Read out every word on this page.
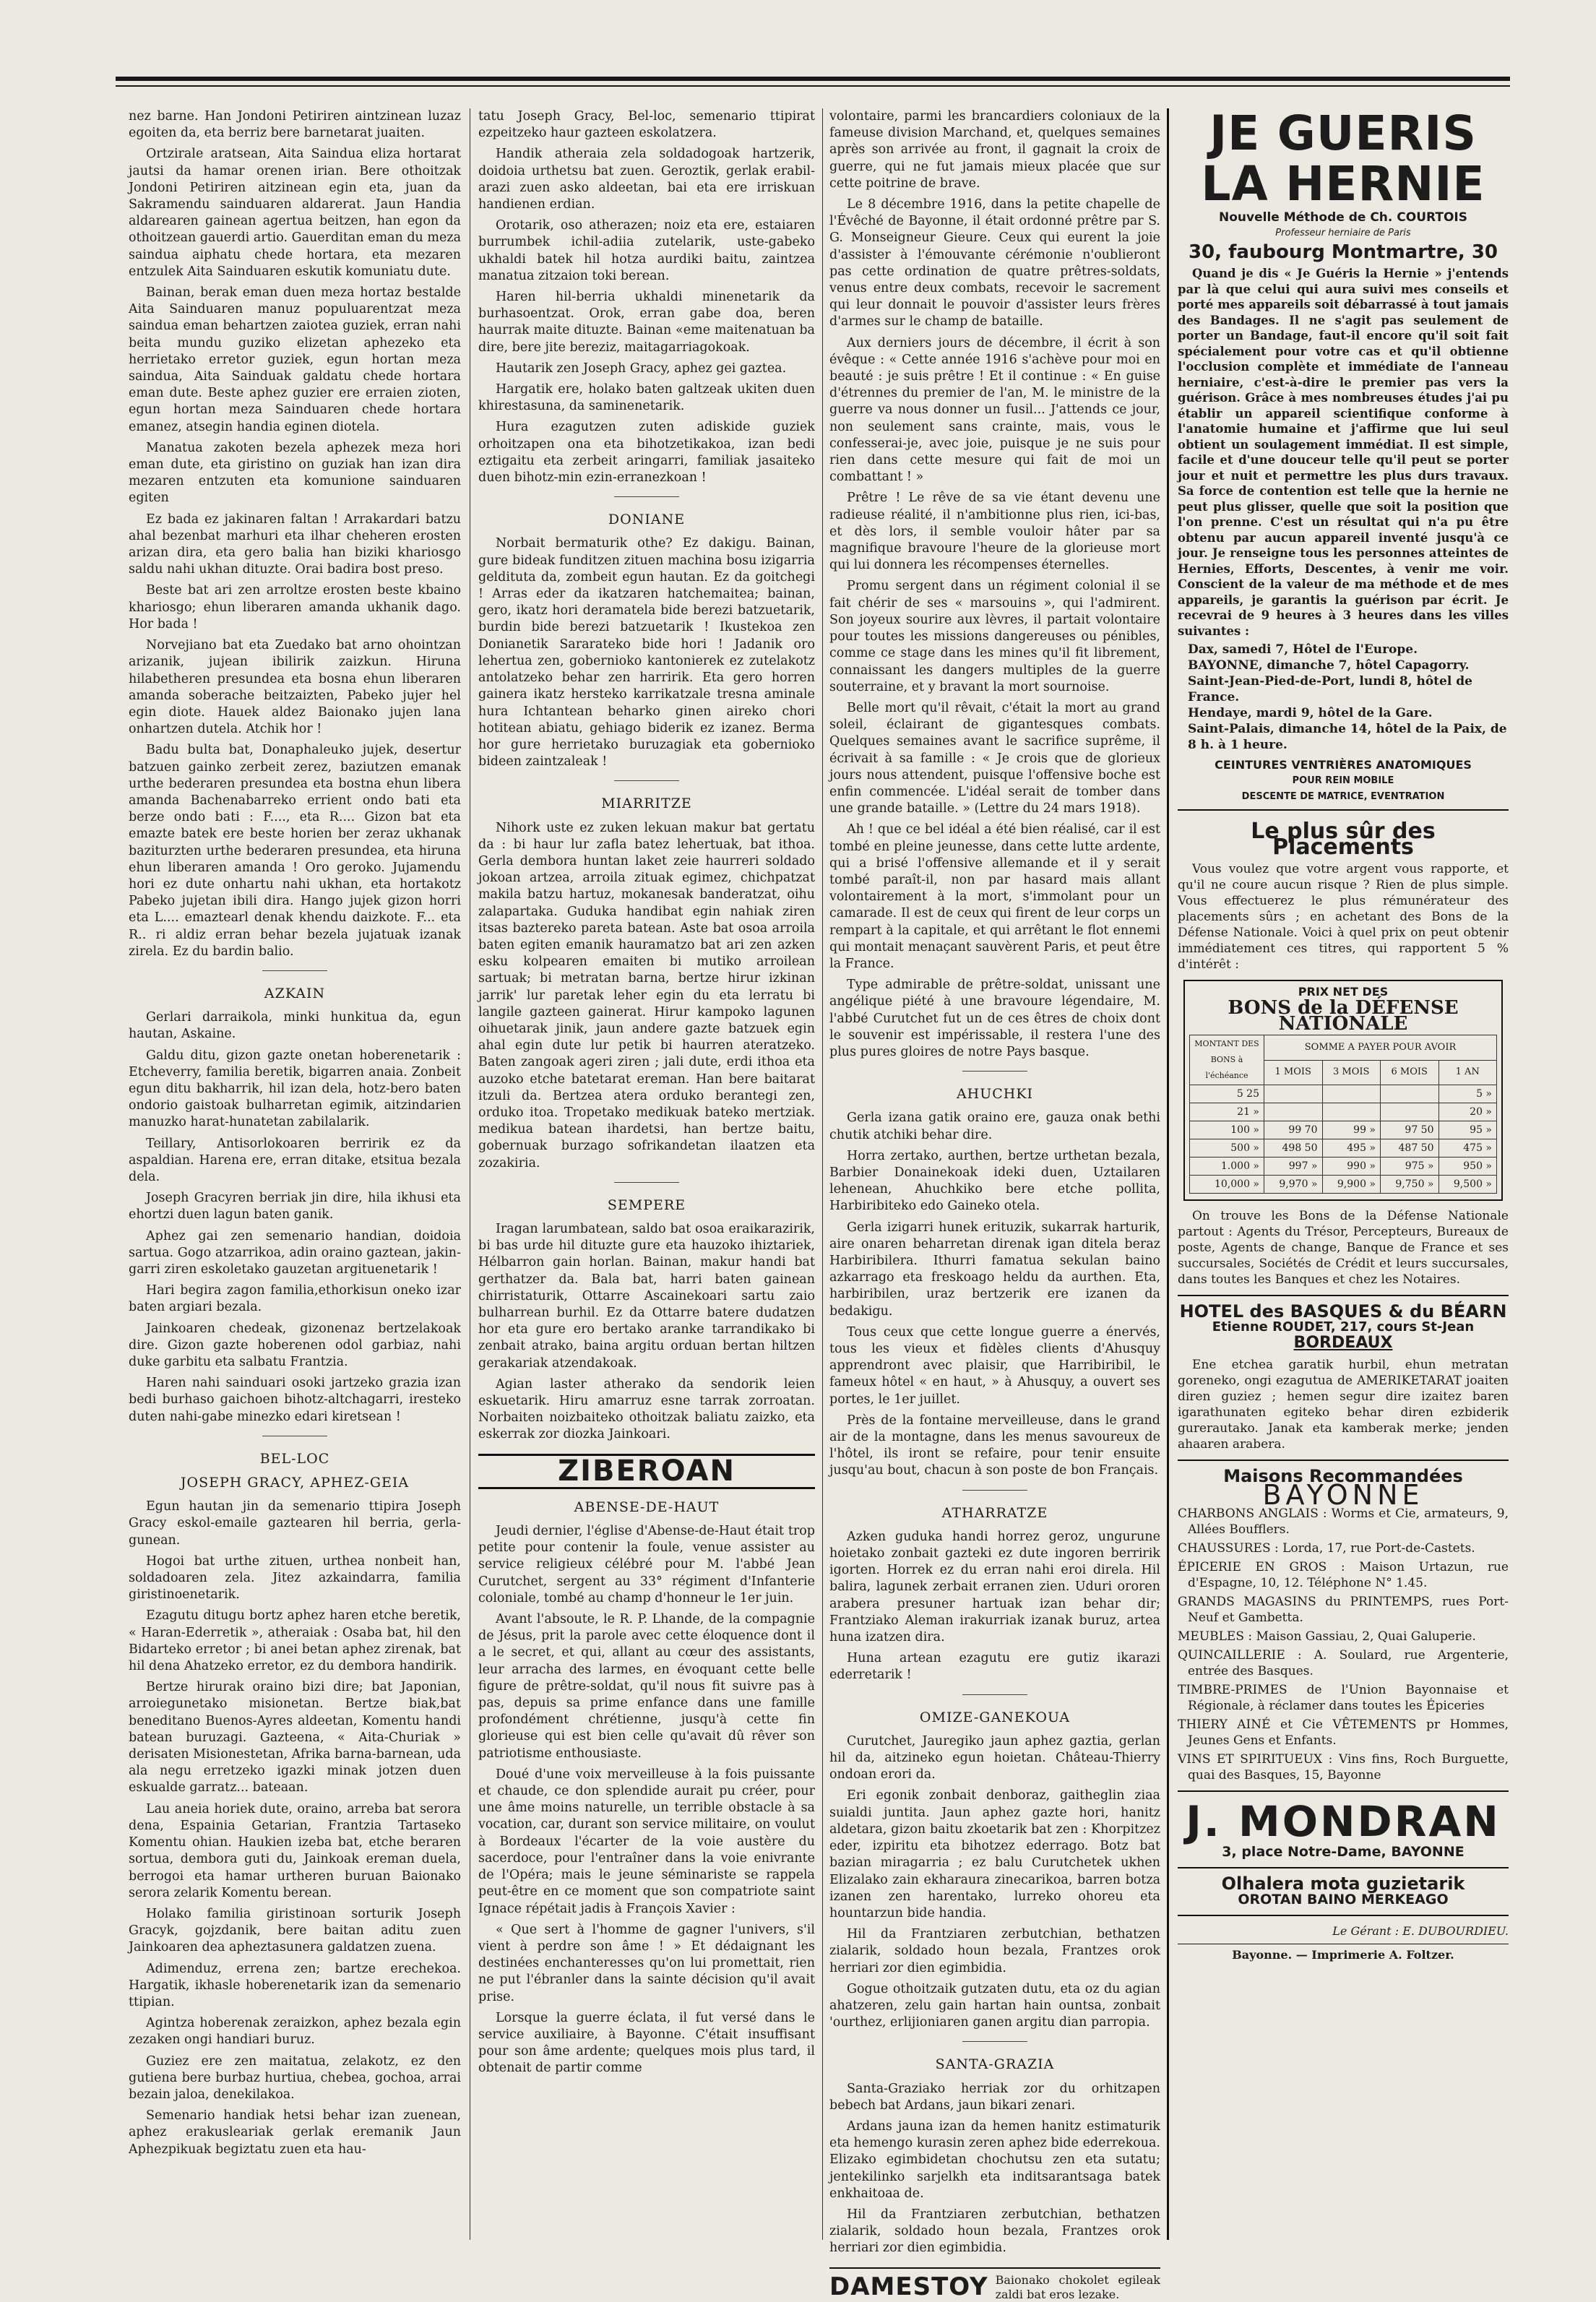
nez barne. Han Jondoni Petiriren aintzinean luzaz egoiten da, eta berriz bere barnetarat juaiten.

Ortzirale aratsean, Aita Saindua eliza hortarat jautsi da hamar orenen irian. Bere othoitzak Jondoni Petiriren aitzinean egin eta, juan da Sakramendu sainduaren aldarerat. Jaun Handia aldarearen gainean agertua beitzen, han egon da othoitzean gauerdi artio. Gauerditan eman du meza saindua aiphatu chede hortara, eta mezaren entzulek Aita Sainduaren eskutik komuniatu dute.

Bainan, berak eman duen meza hortaz bestalde Aita Sainduaren manuz populuarentzat meza saindua eman behartzen zaiotea guziek, erran nahi beita mundu guziko elizetan aphezeko eta herrietako erretor guziek, egun hortan meza saindua, Aita Sainduak galdatu chede hortara eman dute. Beste aphez guzier ere erraien zioten, egun hortan meza Sainduaren chede hortara emanez, atsegin handia eginen diotela.

Manatua zakoten bezela aphezek meza hori eman dute, eta giristino on guziak han izan dira mezaren entzuten eta komunione sainduaren egiten

Ez bada ez jakinaren faltan ! Arrakardari batzu ahal bezenbat marhuri eta ilhar cheheren erosten arizan dira, eta gero balia han biziki khariosgo saldu nahi ukhan dituzte. Orai badira bost preso.

Beste bat ari zen arroltze erosten beste kbaino khariosgo; ehun liberaren amanda ukhanik dago. Hor bada !

Norvejiano bat eta Zuedako bat arno ohointzan arizanik, jujean ibilirik zaizkun. Hiruna hilabetheren presundea eta bosna ehun liberaren amanda soberache beitzaizten, Pabeko jujer hel egin diote. Hauek aldez Baionako jujen lana onhartzen dutela. Atchik hor !

Badu bulta bat, Donaphaleuko jujek, desertur batzuen gainko zerbeit zerez, baziutzen emanak urthe bederaren presundea eta bostna ehun libera amanda Bachenabarreko errient ondo bati eta berze ondo bati : F...., eta R.... Gizon bat eta emazte batek ere beste horien ber zeraz ukhanak baziturzten urthe bederaren presundea, eta hiruna ehun liberaren amanda ! Oro geroko. Jujamendu hori ez dute onhartu nahi ukhan, eta hortakotz Pabeko jujetan ibili dira. Hango jujek gizon horri eta L.... emaztearl denak khendu daizkote. F... eta R.. ri aldiz erran behar bezela jujatuak izanak zirela. Ez du bardin balio.

AZKAIN

Gerlari darraikola, minki hunkitua da, egun hautan, Askaine.

Galdu ditu, gizon gazte onetan hoberenetarik : Etcheverry, familia beretik, bigarren anaia. Zonbeit egun ditu bakharrik, hil izan dela, hotz-bero baten ondorio gaistoak bulharretan egimik, aitzindarien manuzko harat-hunatetan zabilalarik.

Teillary, Antisorlokoaren berririk ez da aspaldian. Harena ere, erran ditake, etsitua bezala dela.

Joseph Gracyren berriak jin dire, hila ikhusi eta ehortzi duen lagun baten ganik.

Aphez gai zen semenario handian, doidoia sartua. Gogo atzarrikoa, adin oraino gaztean, jakin-garri ziren eskoletako gauzetan argituenetarik !

Hari begira zagon familia,ethorkisun oneko izar baten argiari bezala.

Jainkoaren chedeak, gizonenaz bertzelakoak dire. Gizon gazte hoberenen odol garbiaz, nahi duke garbitu eta salbatu Frantzia.

Haren nahi sainduari osoki jartzeko grazia izan bedi burhaso gaichoen bihotz-altchagarri, iresteko duten nahi-gabe minezko edari kiretsean !

BEL-LOC
JOSEPH GRACY, APHEZ-GEIA

Egun hautan jin da semenario ttipira Joseph Gracy eskol-emaile gaztearen hil berria, gerla-gunean.

Hogoi bat urthe zituen, urthea nonbeit han, soldadoaren zela. Jitez azkaindarra, familia giristinoenetarik.

Ezagutu ditugu bortz aphez haren etche beretik, « Haran-Ederretik », atheraiak : Osaba bat, hil den Bidarteko erretor ; bi anei betan aphez zirenak, bat hil dena Ahatzeko erretor, ez du dembora handirik.

Bertze hirurak oraino bizi dire; bat Japonian, arroiegunetako misionetan. Bertze biak,bat beneditano Buenos-Ayres aldeetan, Komentu handi batean buruzagi. Gazteena, « Aita-Churiak » derisaten Misionestetan, Afrika barna-barnean, uda ala negu erretzeko igazki minak jotzen duen eskualde garratz... bateaan.

Lau aneia horiek dute, oraino, arreba bat serora dena, Espainia Getarian, Frantzia Tartaseko Komentu ohian. Haukien izeba bat, etche beraren sortua, dembora guti du, Jainkoak ereman duela, berrogoi eta hamar urtheren buruan Baionako serora zelarik Komentu berean.

Holako familia giristinoan sorturik Joseph Gracyk, gojzdanik, bere baitan aditu zuen Jainkoaren dea apheztasunera galdatzen zuena.

Adimenduz, errena zen; bartze erechekoa. Hargatik, ikhasle hoberenetarik izan da semenario ttipian.

Agintza hoberenak zeraizkon, aphez bezala egin zezaken ongi handiari buruz.

Guziez ere zen maitatua, zelakotz, ez den gutiena bere burbaz hurtiua, chebea, gochoa, arrai bezain jaloa, denekilakoa.

Semenario handiak hetsi behar izan zuenean, aphez erakusleariak gerlak eremanik Jaun Aphezpikuak begiztatu zuen eta hau-

tatu Joseph Gracy, Bel-loc, semenario ttipirat ezpeitzeko haur gazteen eskolatzera.

Handik atheraia zela soldadogoak hartzerik, doidoia urthetsu bat zuen. Geroztik, gerlak erabil-arazi zuen asko aldeetan, bai eta ere irriskuan handienen erdian.

Orotarik, oso atherazen; noiz eta ere, estaiaren burrumbek ichil-adiia zutelarik, uste-gabeko ukhaldi batek hil hotza aurdiki baitu, zaintzea manatua zitzaion toki berean.

Haren hil-berria ukhaldi minenetarik da burhasoentzat. Orok, erran gabe doa, beren haurrak maite dituzte. Bainan «eme maitenatuan ba dire, bere jite bereziz, maitagarriagokoak.

Hautarik zen Joseph Gracy, aphez gei gaztea.

Hargatik ere, holako baten galtzeak ukiten duen khirestasuna, da saminenetarik.

Hura ezagutzen zuten adiskide guziek orhoitzapen ona eta bihotzetikakoa, izan bedi eztigaitu eta zerbeit aringarri, familiak jasaiteko duen bihotz-min ezin-erranezkoan !

DONIANE

Norbait bermaturik othe? Ez dakigu. Bainan, gure bideak funditzen zituen machina bosu izigarria geldituta da, zombeit egun hautan. Ez da goitchegi ! Arras eder da ikatzaren hatchemaitea; bainan, gero, ikatz hori deramatela bide berezi batzuetarik, burdin bide berezi batzuetarik ! Ikustekoa zen Donianetik Sararateko bide hori ! Jadanik oro lehertua zen, gobernioko kantonierek ez zutelakotz antolatzeko behar zen harririk. Eta gero horren gainera ikatz hersteko karrikatzale tresna aminale hura Ichtantean beharko ginen aireko chori hotitean abiatu, gehiago biderik ez izanez. Berma hor gure herrietako buruzagiak eta gobernioko bideen zaintzaleak !

MIARRITZE

Nihork uste ez zuken lekuan makur bat gertatu da : bi haur lur zafla batez lehertuak, bat ithoa. Gerla dembora huntan laket zeie haurreri soldado jokoan artzea, arroila zituak egimez, chichpatzat makila batzu hartuz, mokanesak banderatzat, oihu zalapartaka. Guduka handibat egin nahiak ziren itsas baztereko pareta batean. Aste bat osoa arroila baten egiten emanik hauramatzo bat ari zen azken esku kolpearen emaiten bi mutiko arroilean sartuak; bi metratan barna, bertze hirur izkinan jarrik' lur paretak leher egin du eta lerratu bi langile gazteen gainerat. Hirur kampoko lagunen oihuetarak jinik, jaun andere gazte batzuek egin ahal egin dute lur petik bi haurren ateratzeko. Baten zangoak ageri ziren ; jali dute, erdi ithoa eta auzoko etche batetarat ereman. Han bere baitarat itzuli da. Bertzea atera orduko berantegi zen, orduko itoa. Tropetako medikuak bateko mertziak. medikua batean ihardetsi, han bertze baitu, gobernuak burzago sofrikandetan ilaatzen eta zozakiria.

SEMPERE

Iragan larumbatean, saldo bat osoa eraikarazirik, bi bas urde hil dituzte gure eta hauzoko ihiztariek, Hélbarron gain horlan. Bainan, makur handi bat gerthatzer da. Bala bat, harri baten gainean chirristaturik, Ottarre Ascainekoari sartu zaio bulharrean burhil. Ez da Ottarre batere dudatzen hor eta gure ero bertako aranke tarrandikako bi zenbait atrako, baina argitu orduan bertan hiltzen gerakariak atzendakoak.

Agian laster atherako da sendorik leien eskuetarik. Hiru amarruz esne tarrak zorroatan. Norbaiten noizbaiteko othoitzak baliatu zaizko, eta eskerrak zor diozka Jainkoari.

ZIBEROAN
ABENSE-DE-HAUT

Jeudi dernier, l'église d'Abense-de-Haut était trop petite pour contenir la foule, venue assister au service religieux célébré pour M. l'abbé Jean Curutchet, sergent au 33° régiment d'Infanterie coloniale, tombé au champ d'honneur le 1er juin.

Avant l'absoute, le R. P. Lhande, de la compagnie de Jésus, prit la parole avec cette éloquence dont il a le secret, et qui, allant au cœur des assistants, leur arracha des larmes, en évoquant cette belle figure de prêtre-soldat, qu'il nous fit suivre pas à pas, depuis sa prime enfance dans une famille profondément chrétienne, jusqu'à cette fin glorieuse qui est bien celle qu'avait dû rêver son patriotisme enthousiaste.

Doué d'une voix merveilleuse à la fois puissante et chaude, ce don splendide aurait pu créer, pour une âme moins naturelle, un terrible obstacle à sa vocation, car, durant son service militaire, on voulut à Bordeaux l'écarter de la voie austère du sacerdoce, pour l'entraîner dans la voie enivrante de l'Opéra; mais le jeune séminariste se rappela peut-être en ce moment que son compatriote saint Ignace répétait jadis à François Xavier :

« Que sert à l'homme de gagner l'univers, s'il vient à perdre son âme ! » Et dédaignant les destinées enchanteresses qu'on lui promettait, rien ne put l'ébranler dans la sainte décision qu'il avait prise.

Lorsque la guerre éclata, il fut versé dans le service auxiliaire, à Bayonne. C'était insuffisant pour son âme ardente; quelques mois plus tard, il obtenait de partir comme

volontaire, parmi les brancardiers coloniaux de la fameuse division Marchand, et, quelques semaines après son arrivée au front, il gagnait la croix de guerre, qui ne fut jamais mieux placée que sur cette poitrine de brave.

Le 8 décembre 1916, dans la petite chapelle de l'Évêché de Bayonne, il était ordonné prêtre par S. G. Monseigneur Gieure. Ceux qui eurent la joie d'assister à l'émouvante cérémonie n'oublieront pas cette ordination de quatre prêtres-soldats, venus entre deux combats, recevoir le sacrement qui leur donnait le pouvoir d'assister leurs frères d'armes sur le champ de bataille.

Aux derniers jours de décembre, il écrit à son évêque : « Cette année 1916 s'achève pour moi en beauté : je suis prêtre ! Et il continue : « En guise d'étrennes du premier de l'an, M. le ministre de la guerre va nous donner un fusil... J'attends ce jour, non seulement sans crainte, mais, vous le confesserai-je, avec joie, puisque je ne suis pour rien dans cette mesure qui fait de moi un combattant ! »

Prêtre ! Le rêve de sa vie étant devenu une radieuse réalité, il n'ambitionne plus rien, ici-bas, et dès lors, il semble vouloir hâter par sa magnifique bravoure l'heure de la glorieuse mort qui lui donnera les récompenses éternelles.

Promu sergent dans un régiment colonial il se fait chérir de ses « marsouins », qui l'admirent. Son joyeux sourire aux lèvres, il partait volontaire pour toutes les missions dangereuses ou pénibles, comme ce stage dans les mines qu'il fit librement, connaissant les dangers multiples de la guerre souterraine, et y bravant la mort sournoise.

Belle mort qu'il rêvait, c'était la mort au grand soleil, éclairant de gigantesques combats. Quelques semaines avant le sacrifice suprême, il écrivait à sa famille : « Je crois que de glorieux jours nous attendent, puisque l'offensive boche est enfin commencée. L'idéal serait de tomber dans une grande bataille. » (Lettre du 24 mars 1918).

Ah ! que ce bel idéal a été bien réalisé, car il est tombé en pleine jeunesse, dans cette lutte ardente, qui a brisé l'offensive allemande et il y serait tombé paraît-il, non par hasard mais allant volontairement à la mort, s'immolant pour un camarade. Il est de ceux qui firent de leur corps un rempart à la capitale, et qui arrêtant le flot ennemi qui montait menaçant sauvèrent Paris, et peut être la France.

Type admirable de prêtre-soldat, unissant une angélique piété à une bravoure légendaire, M. l'abbé Curutchet fut un de ces êtres de choix dont le souvenir est impérissable, il restera l'une des plus pures gloires de notre Pays basque.

AHUCHKI

Gerla izana gatik oraino ere, gauza onak bethi chutik atchiki behar dire.

Horra zertako, aurthen, bertze urthetan bezala, Barbier Donainekoak ideki duen, Uztailaren lehenean, Ahuchkiko bere etche pollita, Harbiribiteko edo Gaineko otela.

Gerla izigarri hunek erituzik, sukarrak harturik, aire onaren beharretan direnak igan ditela beraz Harbiribilera. Ithurri famatua sekulan baino azkarrago eta freskoago heldu da aurthen. Eta, harbiribilen, uraz bertzerik ere izanen da bedakigu.

Tous ceux que cette longue guerre a énervés, tous les vieux et fidèles clients d'Ahusquy apprendront avec plaisir, que Harribiribil, le fameux hôtel « en haut, » à Ahusquy, a ouvert ses portes, le 1er juillet.

Près de la fontaine merveilleuse, dans le grand air de la montagne, dans les menus savoureux de l'hôtel, ils iront se refaire, pour tenir ensuite jusqu'au bout, chacun à son poste de bon Français.

ATHARRATZE

Azken guduka handi horrez geroz, ungurune hoietako zonbait gazteki ez dute ingoren berririk igorten. Horrek ez du erran nahi eroi direla. Hil balira, lagunek zerbait erranen zien. Uduri ororen arabera presuner hartuak izan behar dir; Frantziako Aleman irakurriak izanak buruz, artea huna izatzen dira.

Huna artean ezagutu ere gutiz ikarazi ederretarik !

OMIZE-GANEKOUA

Curutchet, Jauregiko jaun aphez gaztia, gerlan hil da, aitzineko egun hoietan. Château-Thierry ondoan erori da.

Eri egonik zonbait denboraz, gaitheglin ziaa suialdi juntita. Jaun aphez gazte hori, hanitz aldetara, gizon baitu zkoetarik bat zen : Khorpitzez eder, izpiritu eta bihotzez ederrago. Botz bat bazian miragarria ; ez balu Curutchetek ukhen Elizalako zain ekharaura zinecarikoa, barren botza izanen zen harentako, lurreko ohoreu eta hountarzun bide handia.

Hil da Frantziaren zerbutchian, bethatzen zialarik, soldado houn bezala, Frantzes orok herriari zor dien egimbidia.

Gogue othoitzaik gutzaten dutu, eta oz du agian ahatzeren, zelu gain hartan hain ountsa, zonbait 'ourthez, erlijioniaren ganen argitu dian parropia.

SANTA-GRAZIA

Santa-Graziako herriak zor du orhitzapen bebech bat Ardans, jaun bikari zenari.

Ardans jauna izan da hemen hanitz estimaturik eta hemengo kurasin zeren aphez bide ederrekoua. Elizako egimbidetan chochutsu zen eta sutatu; jentekilinko sarjelkh eta inditsarantsaga batek enkhaitoaa de.

Hil da Frantziaren zerbutchian, bethatzen zialarik, soldado houn bezala, Frantzes orok herriari zor dien egimbidia.

DAMESTOY Baionako chokolet egileak zaldi bat eros lezake.
JE GUERIS
LA HERNIE
Nouvelle Méthode de Ch. COURTOIS
Professeur herniaire de Paris
30, faubourg Montmartre, 30

Quand je dis « Je Guéris la Hernie » j'entends par là que celui qui aura suivi mes conseils et porté mes appareils soit débarrassé à tout jamais des Bandages. Il ne s'agit pas seulement de porter un Bandage, faut-il encore qu'il soit fait spécialement pour votre cas et qu'il obtienne l'occlusion complète et immédiate de l'anneau herniaire, c'est-à-dire le premier pas vers la guérison. Grâce à mes nombreuses études j'ai pu établir un appareil scientifique conforme à l'anatomie humaine et j'affirme que lui seul obtient un soulagement immédiat. Il est simple, facile et d'une douceur telle qu'il peut se porter jour et nuit et permettre les plus durs travaux. Sa force de contention est telle que la hernie ne peut plus glisser, quelle que soit la position que l'on prenne. C'est un résultat qui n'a pu être obtenu par aucun appareil inventé jusqu'à ce jour. Je renseigne tous les personnes atteintes de Hernies, Efforts, Descentes, à venir me voir. Conscient de la valeur de ma méthode et de mes appareils, je garantis la guérison par écrit. Je recevrai de 9 heures à 3 heures dans les villes suivantes :

Dax, samedi 7, Hôtel de l'Europe.
BAYONNE, dimanche 7, hôtel Capagorry.
Saint-Jean-Pied-de-Port, lundi 8, hôtel de France.
Hendaye, mardi 9, hôtel de la Gare.
Saint-Palais, dimanche 14, hôtel de la Paix, de 8 h. à 1 heure.
CEINTURES VENTRIÈRES ANATOMIQUES
POUR REIN MOBILE
DESCENTE DE MATRICE, EVENTRATION
Le plus sûr des Placements

Vous voulez que votre argent vous rapporte, et qu'il ne coure aucun risque ? Rien de plus simple. Vous effectuerez le plus rémunérateur des placements sûrs ; en achetant des Bons de la Défense Nationale. Voici à quel prix on peut obtenir immédiatement ces titres, qui rapportent 5 % d'intérêt :

PRIX NET DES
BONS de la DÉFENSE NATIONALE
MONTANT DES BONS à l'échéance	SOMME A PAYER POUR AVOIR			
	1 MOIS	3 MOIS	6 MOIS	1 AN
5 25				5 »
21 »				20 »
100 »	99 70	99 »	97 50	95 »
500 »	498 50	495 »	487 50	475 »
1.000 »	997 »	990 »	975 »	950 »
10,000 »	9,970 »	9,900 »	9,750 »	9,500 »

On trouve les Bons de la Défense Nationale partout : Agents du Trésor, Percepteurs, Bureaux de poste, Agents de change, Banque de France et ses succursales, Sociétés de Crédit et leurs succursales, dans toutes les Banques et chez les Notaires.

HOTEL des BASQUES & du BÉARN
Etienne ROUDET, 217, cours St-Jean
BORDEAUX

Ene etchea garatik hurbil, ehun metratan goreneko, ongi ezagutua de AMERIKETARAT joaiten diren guziez ; hemen segur dire izaitez baren igarathunaten egiteko behar diren ezbiderik gurerautako. Janak eta kamberak merke; jenden ahaaren arabera.

Maisons Recommandées
BAYONNE

CHARBONS ANGLAIS : Worms et Cie, armateurs, 9, Allées Boufflers.

CHAUSSURES : Lorda, 17, rue Port-de-Castets.

ÉPICERIE EN GROS : Maison Urtazun, rue d'Espagne, 10, 12. Téléphone N° 1.45.

GRANDS MAGASINS du PRINTEMPS, rues Port-Neuf et Gambetta.

MEUBLES : Maison Gassiau, 2, Quai Galuperie.

QUINCAILLERIE : A. Soulard, rue Argenterie, entrée des Basques.

TIMBRE-PRIMES de l'Union Bayonnaise et Régionale, à réclamer dans toutes les Épiceries

THIERY AINÉ et Cie VÊTEMENTS pr Hommes, Jeunes Gens et Enfants.

VINS ET SPIRITUEUX : Vins fins, Roch Burguette, quai des Basques, 15, Bayonne

J. MONDRAN
3, place Notre-Dame, BAYONNE
Olhalera mota guzietarik
OROTAN BAINO MERKEAGO
Le Gérant : E. DUBOURDIEU.
Bayonne. — Imprimerie A. Foltzer.
